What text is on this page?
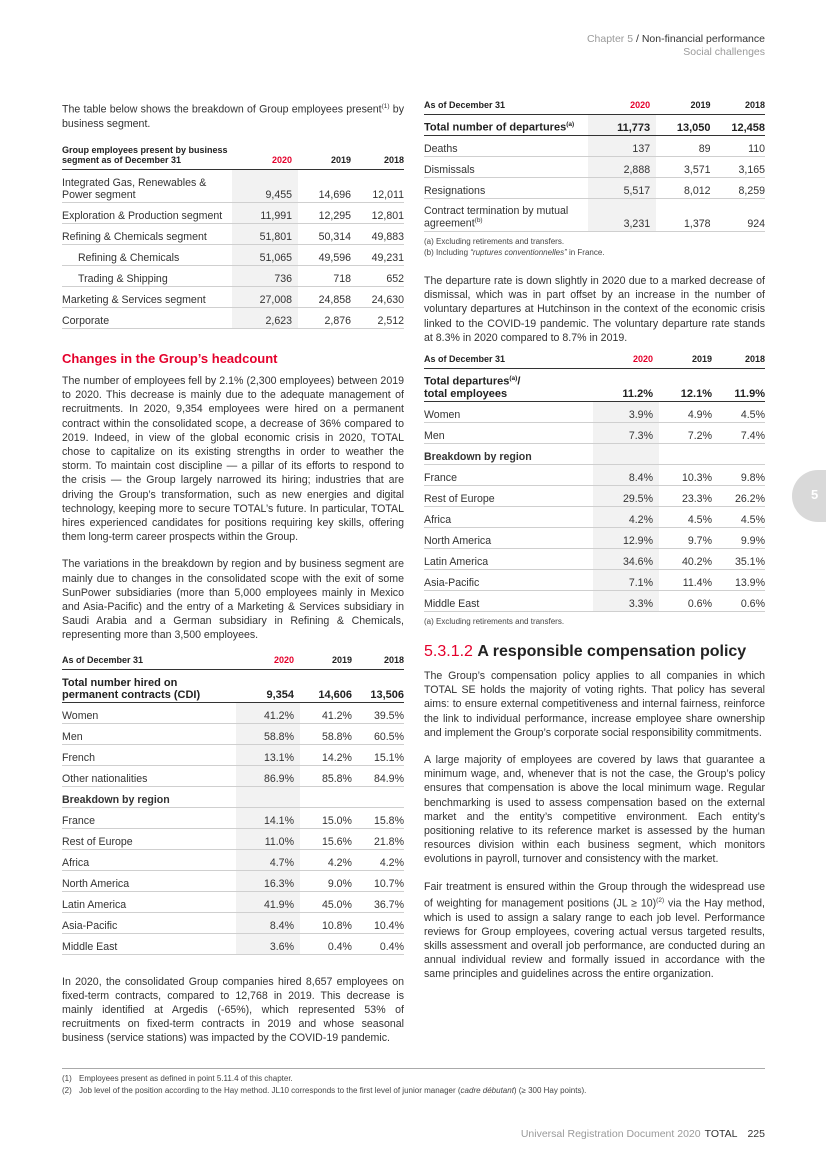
Chapter 5 / Non-financial performance
Social challenges

The table below shows the breakdown of Group employees present$^{(1)}$ by business segment.

Group employees present by business segment as of December 31	2020	2019	2018
Integrated Gas, Renewables & Power segment	9,455	14,696	12,011
Exploration & Production segment	11,991	12,295	12,801
Refining & Chemicals segment	51,801	50,314	49,883
Refining & Chemicals	51,065	49,596	49,231
Trading & Shipping	736	718	652
Marketing & Services segment	27,008	24,858	24,630
Corporate	2,623	2,876	2,512
Changes in the Group’s headcount

The number of employees fell by 2.1% (2,300 employees) between 2019 to 2020. This decrease is mainly due to the adequate management of recruitments. In 2020, 9,354 employees were hired on a permanent contract within the consolidated scope, a decrease of 36% compared to 2019. Indeed, in view of the global economic crisis in 2020, TOTAL chose to capitalize on its existing strengths in order to weather the storm. To maintain cost discipline — a pillar of its efforts to respond to the crisis — the Group largely narrowed its hiring; industries that are driving the Group’s transformation, such as new energies and digital technology, keeping more to secure TOTAL’s future. In particular, TOTAL hires experienced candidates for positions requiring key skills, offering them long-term career prospects within the Group.

The variations in the breakdown by region and by business segment are mainly due to changes in the consolidated scope with the exit of some SunPower subsidiaries (more than 5,000 employees mainly in Mexico and Asia-Pacific) and the entry of a Marketing & Services subsidiary in Saudi Arabia and a German subsidiary in Refining & Chemicals, representing more than 3,500 employees.

As of December 31	2020	2019	2018
Total number hired on permanent contracts (CDI)	9,354	14,606	13,506
Women	41.2%	41.2%	39.5%
Men	58.8%	58.8%	60.5%
French	13.1%	14.2%	15.1%
Other nationalities	86.9%	85.8%	84.9%
Breakdown by region			
France	14.1%	15.0%	15.8%
Rest of Europe	11.0%	15.6%	21.8%
Africa	4.7%	4.2%	4.2%
North America	16.3%	9.0%	10.7%
Latin America	41.9%	45.0%	36.7%
Asia-Pacific	8.4%	10.8%	10.4%
Middle East	3.6%	0.4%	0.4%

In 2020, the consolidated Group companies hired 8,657 employees on fixed-term contracts, compared to 12,768 in 2019. This decrease is mainly identified at Argedis (-65%), which represented 53% of recruitments on fixed-term contracts in 2019 and whose seasonal business (service stations) was impacted by the COVID-19 pandemic.

As of December 31	2020	2019	2018
Total number of departures$^{(a)}$	11,773	13,050	12,458
Deaths	137	89	110
Dismissals	2,888	3,571	3,165
Resignations	5,517	8,012	8,259
Contract termination by mutual agreement$^{(b)}$	3,231	1,378	924
(a) Excluding retirements and transfers.
(b) Including “ruptures conventionnelles” in France.

The departure rate is down slightly in 2020 due to a marked decrease of dismissal, which was in part offset by an increase in the number of voluntary departures at Hutchinson in the context of the economic crisis linked to the COVID-19 pandemic. The voluntary departure rate stands at 8.3% in 2020 compared to 8.7% in 2019.

As of December 31	2020	2019	2018
Total departures$^{(a)}$/
total employees	11.2%	12.1%	11.9%
Women	3.9%	4.9%	4.5%
Men	7.3%	7.2%	7.4%
Breakdown by region			
France	8.4%	10.3%	9.8%
Rest of Europe	29.5%	23.3%	26.2%
Africa	4.2%	4.5%	4.5%
North America	12.9%	9.7%	9.9%
Latin America	34.6%	40.2%	35.1%
Asia-Pacific	7.1%	11.4%	13.9%
Middle East	3.3%	0.6%	0.6%
(a) Excluding retirements and transfers.
5.3.1.2 A responsible compensation policy

The Group’s compensation policy applies to all companies in which TOTAL SE holds the majority of voting rights. That policy has several aims: to ensure external competitiveness and internal fairness, reinforce the link to individual performance, increase employee share ownership and implement the Group’s corporate social responsibility commitments.

A large majority of employees are covered by laws that guarantee a minimum wage, and, whenever that is not the case, the Group’s policy ensures that compensation is above the local minimum wage. Regular benchmarking is used to assess compensation based on the external market and the entity’s competitive environment. Each entity’s positioning relative to its reference market is assessed by the human resources division within each business segment, which monitors evolutions in payroll, turnover and consistency with the market.

Fair treatment is ensured within the Group through the widespread use of weighting for management positions (JL ≥ 10)$^{(2)}$ via the Hay method, which is used to assign a salary range to each job level. Performance reviews for Group employees, covering actual versus targeted results, skills assessment and overall job performance, are conducted during an annual individual review and formally issued in accordance with the same principles and guidelines across the entire organization.

5
(1) Employees present as defined in point 5.11.4 of this chapter.
(2) Job level of the position according to the Hay method. JL10 corresponds to the first level of junior manager (cadre débutant) (≥ 300 Hay points).
Universal Registration Document 2020 TOTAL 225
